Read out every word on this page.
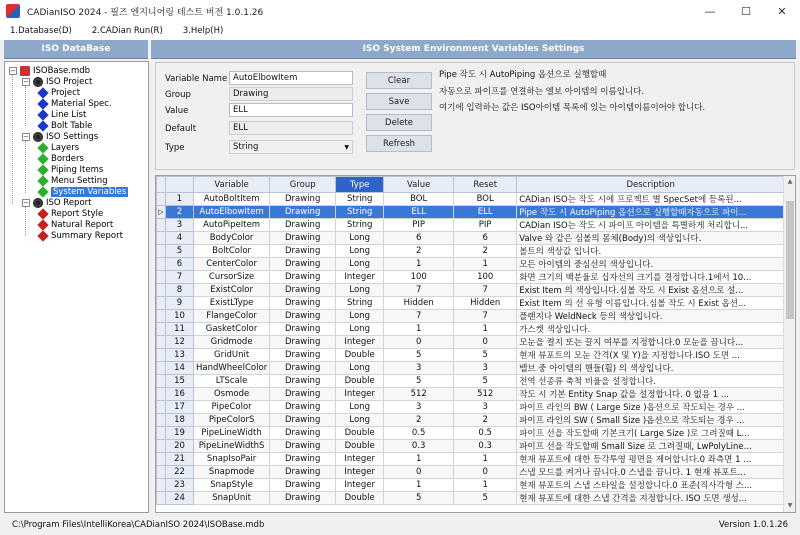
CADianISO 2024 - 필즈 엔지니어링 테스트 버전 1.0.1.26	—	☐	✕
1.Database(D) 2.CADian Run(R) 3.Help(H)
ISO DataBase	ISO System Environment Variables Settings
− ISOBase.mdb
− ISO Project
Project
Material Spec.
Line List
Bolt Table
− ISO Settings
Layers
Borders
Piping Items
Menu Setting
System Variables
− ISO Report
Report Style
Natural Report
Summary Report
Variable Name AutoElbowItem
Group	Drawing
Value	ELL
Default	ELL
Type	String	▼
Clear
Save
Delete
Refresh
Pipe 작도 시 AutoPiping 옵션으로 실행할때
자동으로 파이프를 연결하는 엘보 아이템의 이름입니다.
여기에 입력하는 값은 ISO아이템 목록에 있는 아이템이름이어야 합니다.
		Variable	Group	Type	Value	Reset	Description
	1	AutoBoltItem	Drawing	String	BOL	BOL	CADian ISO는 작도 시에 프로젝트 별 SpecSet에 등록된...
▷	2	AutoElbowItem	Drawing	String	ELL	ELL	Pipe 작도 시 AutoPiping 옵션으로 실행할때자동으로 파이...
	3	AutoPipeItem	Drawing	String	PIP	PIP	CADian ISO는 작도 시 파이프 아이템을 특별하게 처리합니...
	4	BodyColor	Drawing	Long	6	6	Valve 와 같은 심볼의 몸체(Body)의 색상입니다.
	5	BoltColor	Drawing	Long	2	2	볼트의 색상값 입니다.
	6	CenterColor	Drawing	Long	1	1	모든 아이템의 중심선의 색상입니다.
	7	CursorSize	Drawing	Integer	100	100	화면 크기의 백분율로 십자선의 크기를 결정합니다.1에서 10...
	8	ExistColor	Drawing	Long	7	7	Exist Item 의 색상입니다.심볼 작도 시 Exist 옵션으로 설...
	9	ExistLType	Drawing	String	Hidden	Hidden	Exist Item 의 선 유형 이름입니다.심볼 작도 시 Exist 옵션...
	10	FlangeColor	Drawing	Long	7	7	플랜지나 WeldNeck 등의 색상입니다.
	11	GasketColor	Drawing	Long	1	1	가스켓 색상입니다.
	12	Gridmode	Drawing	Integer	0	0	모눈을 켤지 또는 끌지 여부를 지정합니다.0 모눈을 끕니다...
	13	GridUnit	Drawing	Double	5	5	현재 뷰포트의 모눈 간격(X 및 Y)을 지정합니다.ISO 도면 ...
	14	HandWheelColor	Drawing	Long	3	3	밸브 중 아이템의 핸들(휠) 의 색상입니다.
	15	LTScale	Drawing	Double	5	5	전역 선종류 축척 비율을 설정합니다.
	16	Osmode	Drawing	Integer	512	512	작도 시 기본 Entity Snap 값을 설정합니다. 0 없음 1 ...
	17	PipeColor	Drawing	Long	3	3	파이프 라인의 BW ( Large Size )옵션으로 작도되는 경우 ...
	18	PipeColorS	Drawing	Long	2	2	파이프 라인의 SW ( Small Size )옵션으로 작도되는 경우 ...
	19	PipeLineWidth	Drawing	Double	0.5	0.5	파이프 선을 작도할때 기본크기( Large Size )로 그려질때 L...
	20	PipeLineWidthS	Drawing	Double	0.3	0.3	파이프 선을 작도할때 Small Size 로 그려질때, LwPolyLine...
	21	SnapIsoPair	Drawing	Integer	1	1	현재 뷰포트에 대한 등각투영 평면을 제어합니다.0 좌측면 1 ...
	22	Snapmode	Drawing	Integer	0	0	스냅 모드를 켜거나 끕니다.0 스냅을 끕니다. 1 현재 뷰포트...
	23	SnapStyle	Drawing	Integer	1	1	현재 뷰포트의 스냅 스타일을 설정합니다.0 표준(직사각형 스...
	24	SnapUnit	Drawing	Double	5	5	현재 뷰포트에 대한 스냅 간격을 지정합니다. ISO 도면 생성...
▲
▼
C:\Program Files\IntelliKorea\CADianISO 2024\ISOBase.mdb	Version 1.0.1.26
